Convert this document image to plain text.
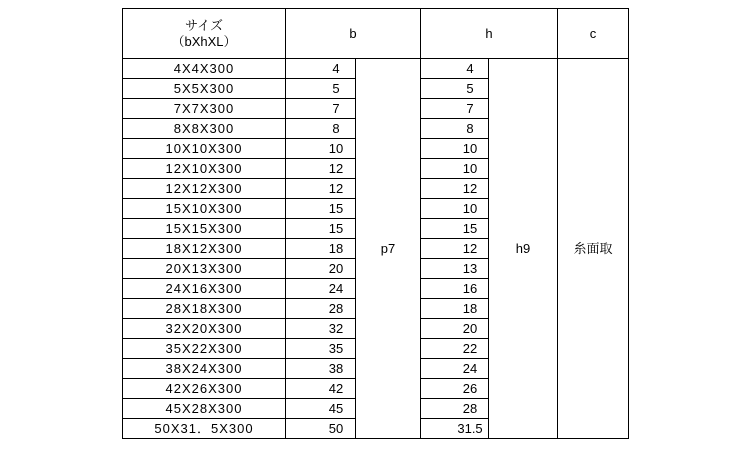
サイズ
（bXhXL）	b		h		c
4X4X300	4	p7	4	h9	糸面取
5X5X300	5		5		
7X7X300	7		7		
8X8X300	8		8		
10X10X300	10		10		
12X10X300	12		10		
12X12X300	12		12		
15X10X300	15		10		
15X15X300	15		15		
18X12X300	18		12		
20X13X300	20		13		
24X16X300	24		16		
28X18X300	28		18		
32X20X300	32		20		
35X22X300	35		22		
38X24X300	38		24		
42X26X300	42		26		
45X28X300	45		28		
50X31．5X300	50		31.5		
